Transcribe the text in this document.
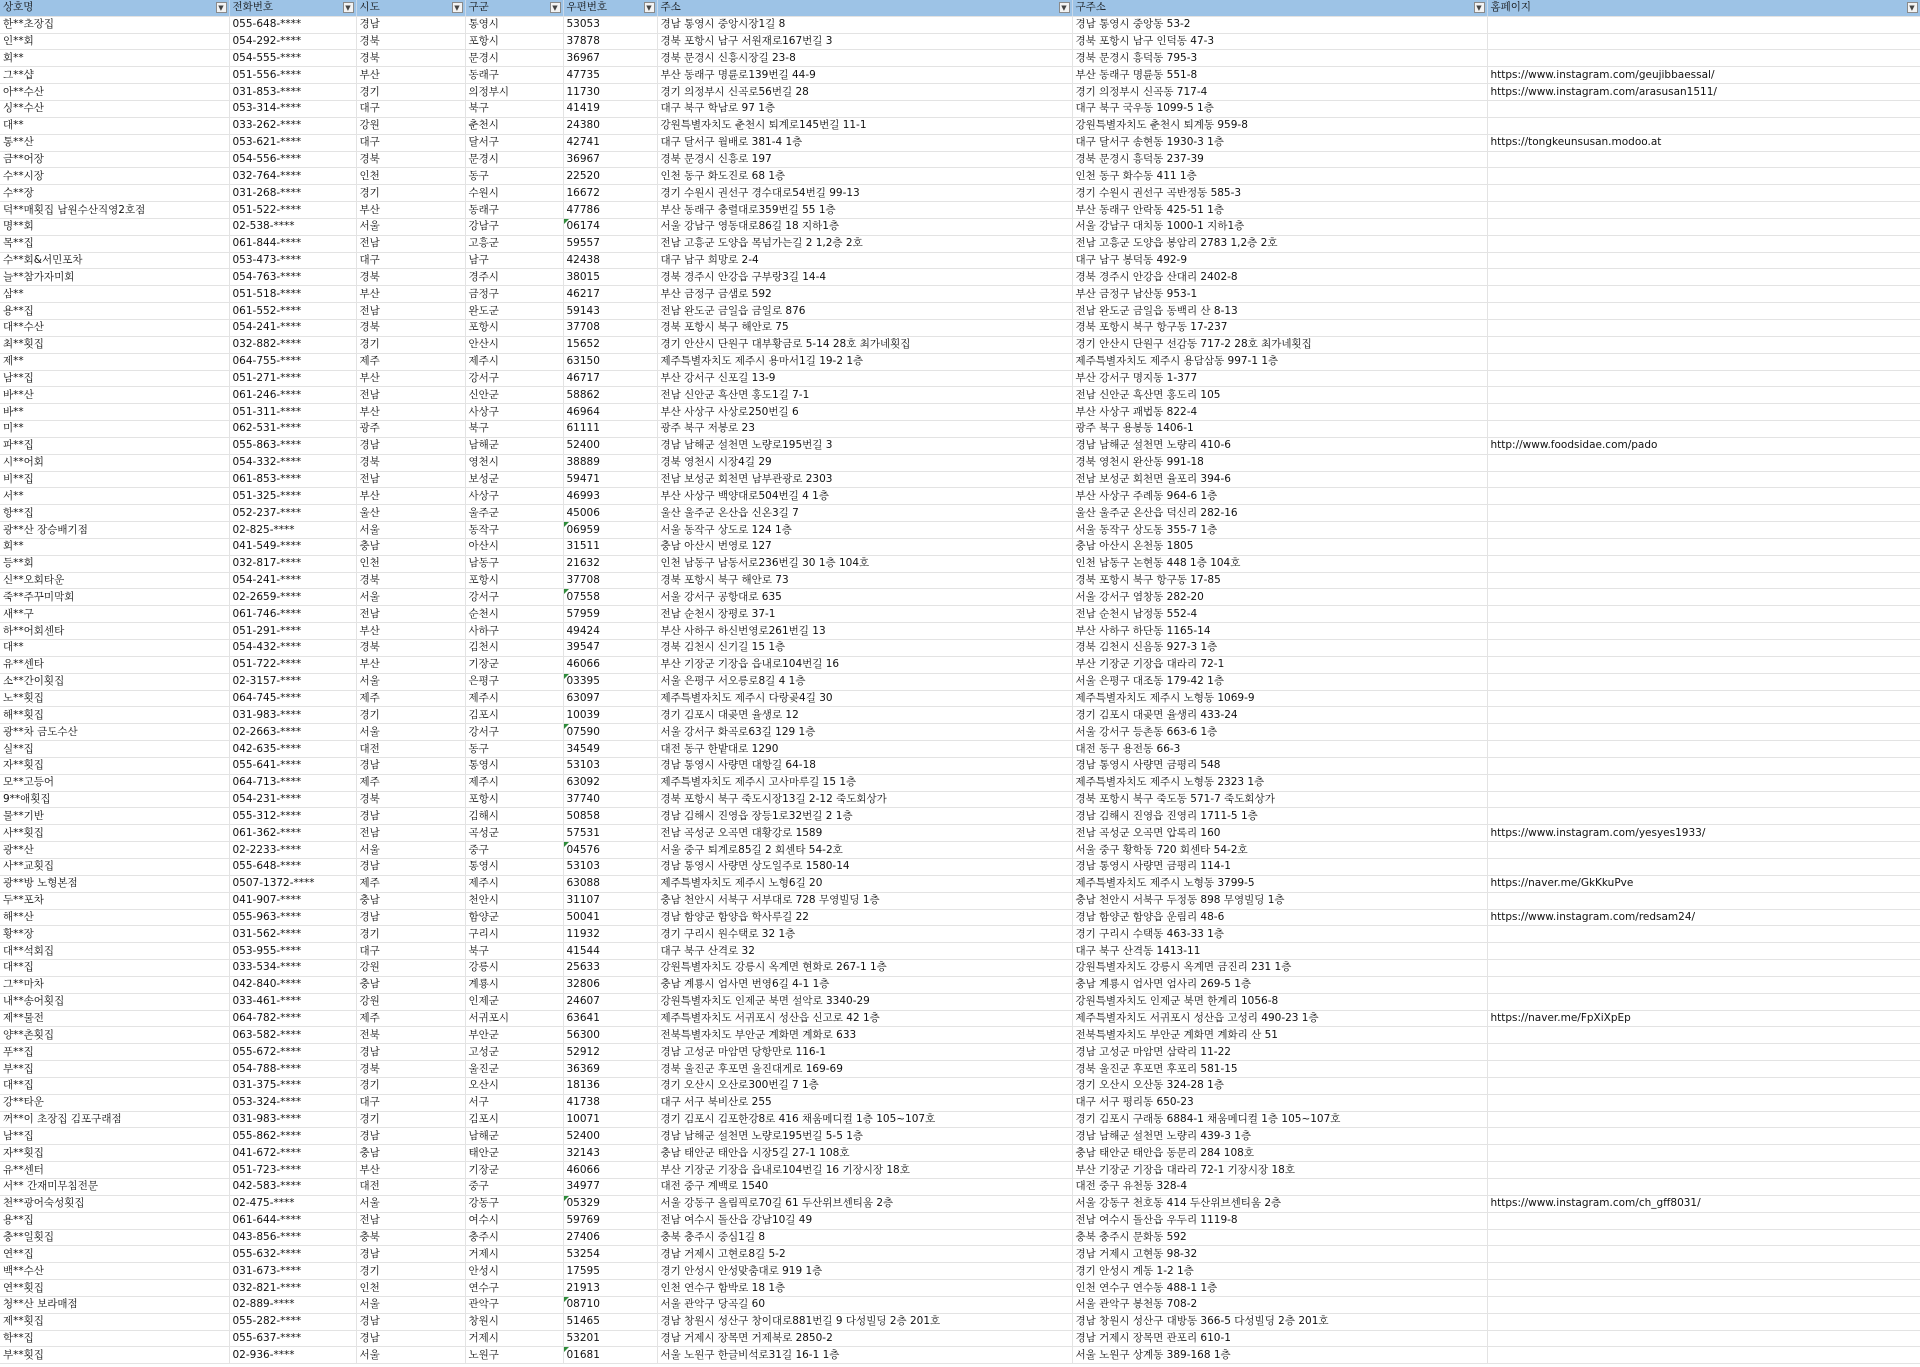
상호명 ▼	전화번호 ▼	시도 ▼	구군 ▼	우편번호 ▼	주소 ▼	구주소 ▼	홈페이지 ▼

한**초장집	055-648-****	경남	통영시	53053	경남 통영시 중앙시장1길 8	경남 통영시 중앙동 53-2	
인**회	054-292-****	경북	포항시	37878	경북 포항시 남구 서원재로167번길 3	경북 포항시 남구 인덕동 47-3	
회**	054-555-****	경북	문경시	36967	경북 문경시 신흥시장길 23-8	경북 문경시 흥덕동 795-3	
그**샵	051-556-****	부산	동래구	47735	부산 동래구 명륜로139번길 44-9	부산 동래구 명륜동 551-8	https://www.instagram.com/geujibbaessal/
아**수산	031-853-****	경기	의정부시	11730	경기 의정부시 신곡로56번길 28	경기 의정부시 신곡동 717-4	https://www.instagram.com/arasusan1511/
싱**수산	053-314-****	대구	북구	41419	대구 북구 학남로 97 1층	대구 북구 국우동 1099-5 1층	
대**	033-262-****	강원	춘천시	24380	강원특별자치도 춘천시 퇴계로145번길 11-1	강원특별자치도 춘천시 퇴계동 959-8	
통**산	053-621-****	대구	달서구	42741	대구 달서구 월배로 381-4 1층	대구 달서구 송현동 1930-3 1층	https://tongkeunsusan.modoo.at
금**어장	054-556-****	경북	문경시	36967	경북 문경시 신흥로 197	경북 문경시 흥덕동 237-39	
수**시장	032-764-****	인천	동구	22520	인천 동구 화도진로 68 1층	인천 동구 화수동 411 1층	
수**장	031-268-****	경기	수원시	16672	경기 수원시 권선구 경수대로54번길 99-13	경기 수원시 권선구 곡반정동 585-3	
덕**매횟집 남원수산직영2호점	051-522-****	부산	동래구	47786	부산 동래구 충렬대로359번길 55 1층	부산 동래구 안락동 425-51 1층	
명**회	02-538-****	서울	강남구	06174	서울 강남구 영동대로86길 18 지하1층	서울 강남구 대치동 1000-1 지하1층	
목**집	061-844-****	전남	고흥군	59557	전남 고흥군 도양읍 목넘가는길 2 1,2층 2호	전남 고흥군 도양읍 봉암리 2783 1,2층 2호	
수**회&서민포차	053-473-****	대구	남구	42438	대구 남구 희망로 2-4	대구 남구 봉덕동 492-9	
늘**참가자미회	054-763-****	경북	경주시	38015	경북 경주시 안강읍 구부랑3길 14-4	경북 경주시 안강읍 산대리 2402-8	
삼**	051-518-****	부산	금정구	46217	부산 금정구 금샘로 592	부산 금정구 남산동 953-1	
용**집	061-552-****	전남	완도군	59143	전남 완도군 금일읍 금일로 876	전남 완도군 금일읍 동백리 산 8-13	
대**수산	054-241-****	경북	포항시	37708	경북 포항시 북구 해안로 75	경북 포항시 북구 항구동 17-237	
최**횟집	032-882-****	경기	안산시	15652	경기 안산시 단원구 대부황금로 5-14 28호 최가네횟집	경기 안산시 단원구 선감동 717-2 28호 최가네횟집	
제**	064-755-****	제주	제주시	63150	제주특별자치도 제주시 용마서1길 19-2 1층	제주특별자치도 제주시 용담삼동 997-1 1층	
남**집	051-271-****	부산	강서구	46717	부산 강서구 신포길 13-9	부산 강서구 명지동 1-377	
바**산	061-246-****	전남	신안군	58862	전남 신안군 흑산면 홍도1길 7-1	전남 신안군 흑산면 홍도리 105	
바**	051-311-****	부산	사상구	46964	부산 사상구 사상로250번길 6	부산 사상구 괘법동 822-4	
미**	062-531-****	광주	북구	61111	광주 북구 저봉로 23	광주 북구 용봉동 1406-1	
파**집	055-863-****	경남	남해군	52400	경남 남해군 설천면 노량로195번길 3	경남 남해군 설천면 노량리 410-6	http://www.foodsidae.com/pado
시**어회	054-332-****	경북	영천시	38889	경북 영천시 시장4길 29	경북 영천시 완산동 991-18	
비**집	061-853-****	전남	보성군	59471	전남 보성군 회천면 남부관광로 2303	전남 보성군 회천면 율포리 394-6	
서**	051-325-****	부산	사상구	46993	부산 사상구 백양대로504번길 4 1층	부산 사상구 주례동 964-6 1층	
항**집	052-237-****	울산	울주군	45006	울산 울주군 온산읍 신온3길 7	울산 울주군 온산읍 덕신리 282-16	
광**산 장승배기점	02-825-****	서울	동작구	06959	서울 동작구 상도로 124 1층	서울 동작구 상도동 355-7 1층	
회**	041-549-****	충남	아산시	31511	충남 아산시 번영로 127	충남 아산시 온천동 1805	
등**회	032-817-****	인천	남동구	21632	인천 남동구 남동서로236번길 30 1층 104호	인천 남동구 논현동 448 1층 104호	
신**오회타운	054-241-****	경북	포항시	37708	경북 포항시 북구 해안로 73	경북 포항시 북구 항구동 17-85	
죽**주꾸미막회	02-2659-****	서울	강서구	07558	서울 강서구 공항대로 635	서울 강서구 염창동 282-20	
새**구	061-746-****	전남	순천시	57959	전남 순천시 장평로 37-1	전남 순천시 남정동 552-4	
하**어회센타	051-291-****	부산	사하구	49424	부산 사하구 하신번영로261번길 13	부산 사하구 하단동 1165-14	
대**	054-432-****	경북	김천시	39547	경북 김천시 신기길 15 1층	경북 김천시 신음동 927-3 1층	
유**센타	051-722-****	부산	기장군	46066	부산 기장군 기장읍 읍내로104번길 16	부산 기장군 기장읍 대라리 72-1	
소**간이횟집	02-3157-****	서울	은평구	03395	서울 은평구 서오릉로8길 4 1층	서울 은평구 대조동 179-42 1층	
노**횟집	064-745-****	제주	제주시	63097	제주특별자치도 제주시 다랑곶4길 30	제주특별자치도 제주시 노형동 1069-9	
해**횟집	031-983-****	경기	김포시	10039	경기 김포시 대곶면 율생로 12	경기 김포시 대곶면 율생리 433-24	
광**차 금도수산	02-2663-****	서울	강서구	07590	서울 강서구 화곡로63길 129 1층	서울 강서구 등촌동 663-6 1층	
실**집	042-635-****	대전	동구	34549	대전 동구 한밭대로 1290	대전 동구 용전동 66-3	
자**횟집	055-641-****	경남	통영시	53103	경남 통영시 사량면 대항길 64-18	경남 통영시 사량면 금평리 548	
모**고등어	064-713-****	제주	제주시	63092	제주특별자치도 제주시 고사마루길 15 1층	제주특별자치도 제주시 노형동 2323 1층	
9**애횟집	054-231-****	경북	포항시	37740	경북 포항시 북구 죽도시장13길 2-12 죽도회상가	경북 포항시 북구 죽도동 571-7 죽도회상가	
물**기반	055-312-****	경남	김해시	50858	경남 김해시 진영읍 장등1로32번길 2 1층	경남 김해시 진영읍 진영리 1711-5 1층	
사**횟집	061-362-****	전남	곡성군	57531	전남 곡성군 오곡면 대황강로 1589	전남 곡성군 오곡면 압록리 160	https://www.instagram.com/yesyes1933/
광**산	02-2233-****	서울	중구	04576	서울 중구 퇴계로85길 2 회센타 54-2호	서울 중구 황학동 720 회센타 54-2호	
사**교횟집	055-648-****	경남	통영시	53103	경남 통영시 사량면 상도일주로 1580-14	경남 통영시 사량면 금평리 114-1	
광**방 노형본점	0507-1372-****	제주	제주시	63088	제주특별자치도 제주시 노형6길 20	제주특별자치도 제주시 노형동 3799-5	https://naver.me/GkKkuPve
두**포차	041-907-****	충남	천안시	31107	충남 천안시 서북구 서부대로 728 무영빌딩 1층	충남 천안시 서북구 두정동 898 무영빌딩 1층	
해**산	055-963-****	경남	함양군	50041	경남 함양군 함양읍 학사루길 22	경남 함양군 함양읍 운림리 48-6	https://www.instagram.com/redsam24/
황**장	031-562-****	경기	구리시	11932	경기 구리시 원수택로 32 1층	경기 구리시 수택동 463-33 1층	
대**석회집	053-955-****	대구	북구	41544	대구 북구 산격로 32	대구 북구 산격동 1413-11	
대**집	033-534-****	강원	강릉시	25633	강원특별자치도 강릉시 옥계면 현화로 267-1 1층	강원특별자치도 강릉시 옥계면 금진리 231 1층	
그**마차	042-840-****	충남	계룡시	32806	충남 계룡시 엄사면 번영6길 4-1 1층	충남 계룡시 엄사면 엄사리 269-5 1층	
내**송어횟집	033-461-****	강원	인제군	24607	강원특별자치도 인제군 북면 설악로 3340-29	강원특별자치도 인제군 북면 한계리 1056-8	
제**물전	064-782-****	제주	서귀포시	63641	제주특별자치도 서귀포시 성산읍 신고로 42 1층	제주특별자치도 서귀포시 성산읍 고성리 490-23 1층	https://naver.me/FpXiXpEp
양**촌횟집	063-582-****	전북	부안군	56300	전북특별자치도 부안군 계화면 계화로 633	전북특별자치도 부안군 계화면 계화리 산 51	
푸**집	055-672-****	경남	고성군	52912	경남 고성군 마암면 당항만로 116-1	경남 고성군 마암면 삼락리 11-22	
부**집	054-788-****	경북	울진군	36369	경북 울진군 후포면 울진대게로 169-69	경북 울진군 후포면 후포리 581-15	
대**집	031-375-****	경기	오산시	18136	경기 오산시 오산로300번길 7 1층	경기 오산시 오산동 324-28 1층	
강**타운	053-324-****	대구	서구	41738	대구 서구 북비산로 255	대구 서구 평리동 650-23	
꺼**이 초장집 김포구래점	031-983-****	경기	김포시	10071	경기 김포시 김포한강8로 416 채움메디컬 1층 105~107호	경기 김포시 구래동 6884-1 채움메디컬 1층 105~107호	
남**집	055-862-****	경남	남해군	52400	경남 남해군 설천면 노량로195번길 5-5 1층	경남 남해군 설천면 노량리 439-3 1층	
자**횟집	041-672-****	충남	태안군	32143	충남 태안군 태안읍 시장5길 27-1 108호	충남 태안군 태안읍 동문리 284 108호	
유**센터	051-723-****	부산	기장군	46066	부산 기장군 기장읍 읍내로104번길 16 기장시장 18호	부산 기장군 기장읍 대라리 72-1 기장시장 18호	
서** 간재미무침전문	042-583-****	대전	중구	34977	대전 중구 계백로 1540	대전 중구 유천동 328-4	
천**광어숙성횟집	02-475-****	서울	강동구	05329	서울 강동구 올림픽로70길 61 두산위브센티움 2층	서울 강동구 천호동 414 두산위브센티움 2층	https://www.instagram.com/ch_gff8031/
용**집	061-644-****	전남	여수시	59769	전남 여수시 돌산읍 강남10길 49	전남 여수시 돌산읍 우두리 1119-8	
충**일횟집	043-856-****	충북	충주시	27406	충북 충주시 중심1길 8	충북 충주시 문화동 592	
연**집	055-632-****	경남	거제시	53254	경남 거제시 고현로8길 5-2	경남 거제시 고현동 98-32	
백**수산	031-673-****	경기	안성시	17595	경기 안성시 안성맞춤대로 919 1층	경기 안성시 계동 1-2 1층	
연**횟집	032-821-****	인천	연수구	21913	인천 연수구 함박로 18 1층	인천 연수구 연수동 488-1 1층	
청**산 보라매점	02-889-****	서울	관악구	08710	서울 관악구 당곡길 60	서울 관악구 봉천동 708-2	
제**횟집	055-282-****	경남	창원시	51465	경남 창원시 성산구 창이대로881번길 9 다성빌딩 2층 201호	경남 창원시 성산구 대방동 366-5 다성빌딩 2층 201호	
학**집	055-637-****	경남	거제시	53201	경남 거제시 장목면 거제북로 2850-2	경남 거제시 장목면 관포리 610-1	
부**횟집	02-936-****	서울	노원구	01681	서울 노원구 한글비석로31길 16-1 1층	서울 노원구 상계동 389-168 1층	
